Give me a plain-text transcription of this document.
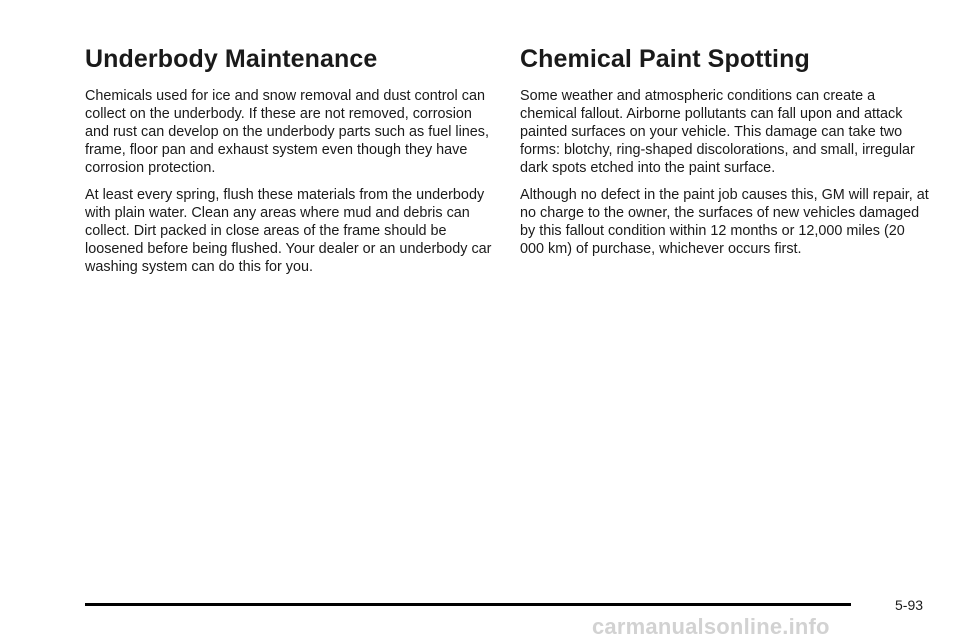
Underbody Maintenance

Chemicals used for ice and snow removal and dust control can collect on the underbody. If these are not removed, corrosion and rust can develop on the underbody parts such as fuel lines, frame, floor pan and exhaust system even though they have corrosion protection.

At least every spring, flush these materials from the underbody with plain water. Clean any areas where mud and debris can collect. Dirt packed in close areas of the frame should be loosened before being flushed. Your dealer or an underbody car washing system can do this for you.

Chemical Paint Spotting

Some weather and atmospheric conditions can create a chemical fallout. Airborne pollutants can fall upon and attack painted surfaces on your vehicle. This damage can take two forms: blotchy, ring-shaped discolorations, and small, irregular dark spots etched into the paint surface.

Although no defect in the paint job causes this, GM will repair, at no charge to the owner, the surfaces of new vehicles damaged by this fallout condition within 12 months or 12,000 miles (20 000 km) of purchase, whichever occurs first.

5-93
carmanualsonline.info
